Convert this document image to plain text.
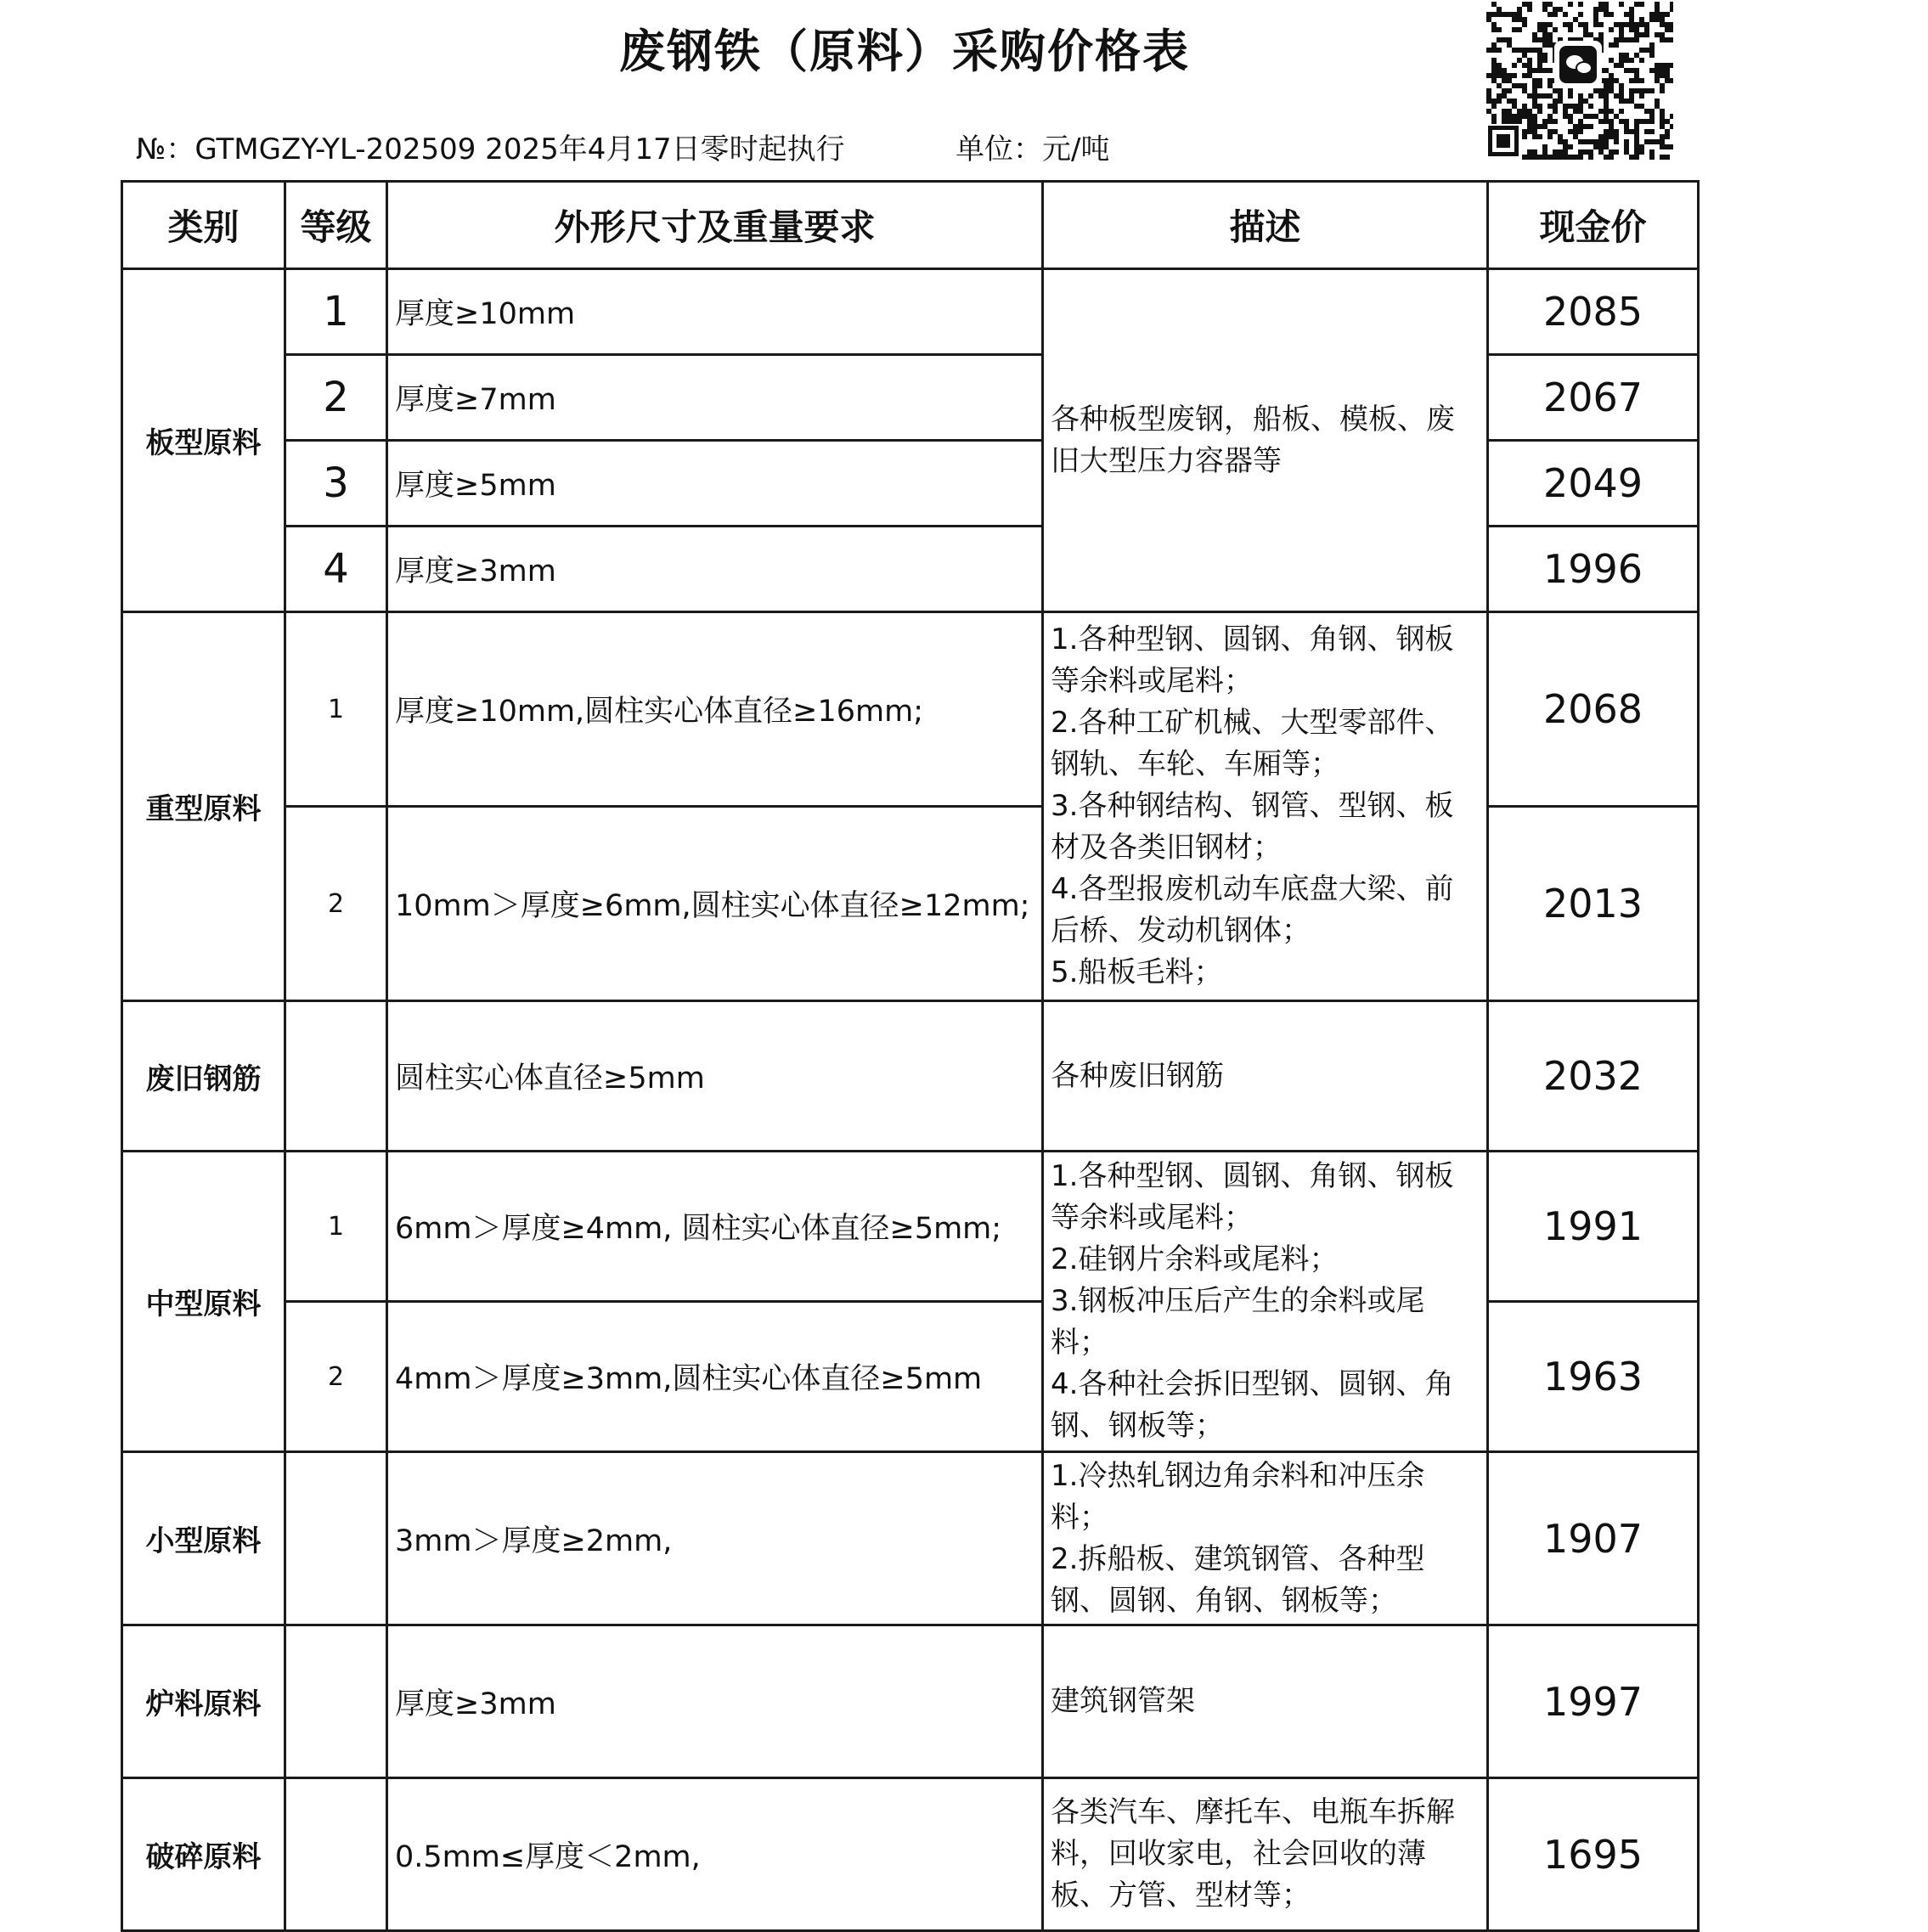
废钢铁（原料）采购价格表
№：GTMGZY-YL-202509 2025年4月17日零时起执行	单位：元/吨
类别	等级	外形尺寸及重量要求	描述	现金价
板型原料	1	厚度≥10mm	各种板型废钢，船板、模板、废旧大型压力容器等	2085
	2	厚度≥7mm		2067
	3	厚度≥5mm		2049
	4	厚度≥3mm		1996
重型原料	1	厚度≥10mm,圆柱实心体直径≥16mm;	1.各种型钢、圆钢、角钢、钢板等余料或尾料；
2.各种工矿机械、大型零部件、钢轨、车轮、车厢等；
3.各种钢结构、钢管、型钢、板材及各类旧钢材；
4.各型报废机动车底盘大梁、前后桥、发动机钢体；
5.船板毛料；	2068
	2	10mm＞厚度≥6mm,圆柱实心体直径≥12mm;		2013
废旧钢筋		圆柱实心体直径≥5mm	各种废旧钢筋	2032
中型原料	1	6mm＞厚度≥4mm, 圆柱实心体直径≥5mm;	1.各种型钢、圆钢、角钢、钢板等余料或尾料；
2.硅钢片余料或尾料；
3.钢板冲压后产生的余料或尾料；
4.各种社会拆旧型钢、圆钢、角钢、钢板等；	1991
	2	4mm＞厚度≥3mm,圆柱实心体直径≥5mm		1963
小型原料		3mm＞厚度≥2mm,	1.冷热轧钢边角余料和冲压余料；
2.拆船板、建筑钢管、各种型钢、圆钢、角钢、钢板等；	1907
炉料原料		厚度≥3mm	建筑钢管架	1997
破碎原料		0.5mm≤厚度＜2mm,	各类汽车、摩托车、电瓶车拆解料，回收家电，社会回收的薄板、方管、型材等；	1695
